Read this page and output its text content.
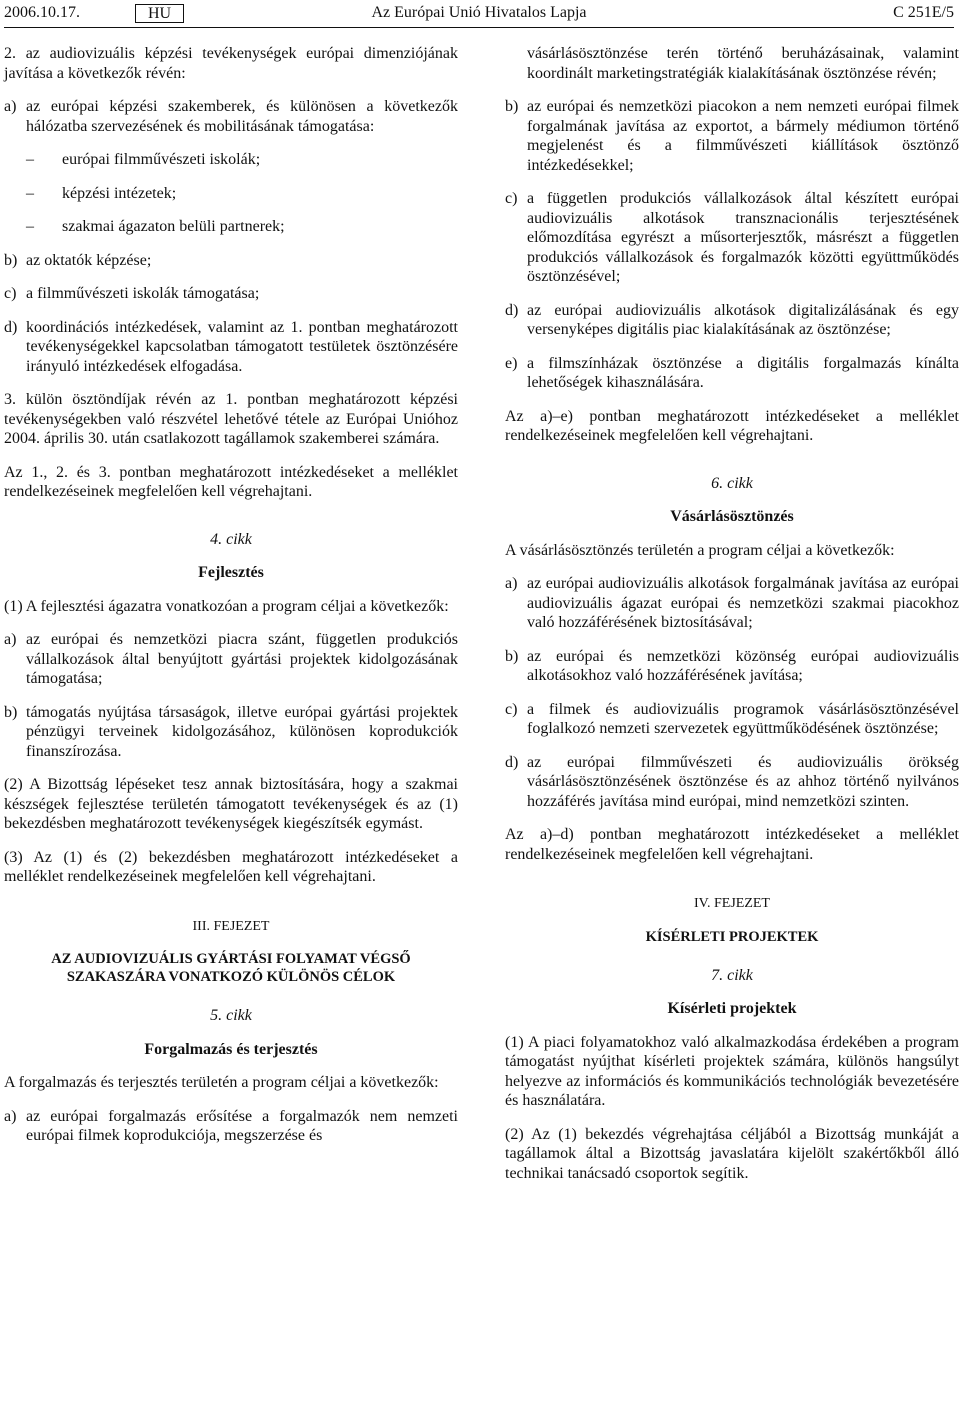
2006.10.17.	HU	Az Európai Unió Hivatalos Lapja	C 251E/5

2. az audiovizuális képzési tevékenységek európai dimenziójának javítása a következők révén:

a) az európai képzési szakemberek, és különösen a következők hálózatba szervezésének és mobilitásának támogatása:

– európai filmművészeti iskolák;

– képzési intézetek;

– szakmai ágazaton belüli partnerek;

b) az oktatók képzése;

c) a filmművészeti iskolák támogatása;

d) koordinációs intézkedések, valamint az 1. pontban meghatározott tevékenységekkel kapcsolatban támogatott testületek ösztönzésére irányuló intézkedések elfogadása.

3. külön ösztöndíjak révén az 1. pontban meghatározott képzési tevékenységekben való részvétel lehetővé tétele az Európai Unióhoz 2004. április 30. után csatlakozott tagállamok szakemberei számára.

Az 1., 2. és 3. pontban meghatározott intézkedéseket a melléklet rendelkezéseinek megfelelően kell végrehajtani.

4. cikk

Fejlesztés

(1) A fejlesztési ágazatra vonatkozóan a program céljai a következők:

a) az európai és nemzetközi piacra szánt, független produkciós vállalkozások által benyújtott gyártási projektek kidolgozásának támogatása;

b) támogatás nyújtása társaságok, illetve európai gyártási projektek pénzügyi terveinek kidolgozásához, különösen koprodukciók finanszírozása.

(2) A Bizottság lépéseket tesz annak biztosítására, hogy a szakmai készségek fejlesztése területén támogatott tevékenységek és az (1) bekezdésben meghatározott tevékenységek kiegészítsék egymást.

(3) Az (1) és (2) bekezdésben meghatározott intézkedéseket a melléklet rendelkezéseinek megfelelően kell végrehajtani.

III. FEJEZET

AZ AUDIOVIZUÁLIS GYÁRTÁSI FOLYAMAT VÉGSŐ SZAKASZÁRA VONATKOZÓ KÜLÖNÖS CÉLOK

5. cikk

Forgalmazás és terjesztés

A forgalmazás és terjesztés területén a program céljai a következők:

a) az európai forgalmazás erősítése a forgalmazók nem nemzeti európai filmek koprodukciója, megszerzése és

vásárlásösztönzése terén történő beruházásainak, valamint koordinált marketingstratégiák kialakításának ösztönzése révén;

b) az európai és nemzetközi piacokon a nem nemzeti európai filmek forgalmának javítása az exportot, a bármely médiumon történő megjelenést és a filmművészeti kiállítások ösztönző intézkedésekkel;

c) a független produkciós vállalkozások által készített európai audiovizuális alkotások transznacionális terjesztésének előmozdítása egyrészt a műsorterjesztők, másrészt a független produkciós vállalkozások és forgalmazók közötti együttműködés ösztönzésével;

d) az európai audiovizuális alkotások digitalizálásának és egy versenyképes digitális piac kialakításának az ösztönzése;

e) a filmszínházak ösztönzése a digitális forgalmazás kínálta lehetőségek kihasználására.

Az a)–e) pontban meghatározott intézkedéseket a melléklet rendelkezéseinek megfelelően kell végrehajtani.

6. cikk

Vásárlásösztönzés

A vásárlásösztönzés területén a program céljai a következők:

a) az európai audiovizuális alkotások forgalmának javítása az európai audiovizuális ágazat európai és nemzetközi szakmai piacokhoz való hozzáférésének biztosításával;

b) az európai és nemzetközi közönség európai audiovizuális alkotásokhoz való hozzáférésének javítása;

c) a filmek és audiovizuális programok vásárlásösztönzésével foglalkozó nemzeti szervezetek együttműködésének ösztönzése;

d) az európai filmművészeti és audiovizuális örökség vásárlásösztönzésének ösztönzése és az ahhoz történő nyilvános hozzáférés javítása mind európai, mind nemzetközi szinten.

Az a)–d) pontban meghatározott intézkedéseket a melléklet rendelkezéseinek megfelelően kell végrehajtani.

IV. FEJEZET

KÍSÉRLETI PROJEKTEK

7. cikk

Kísérleti projektek

(1) A piaci folyamatokhoz való alkalmazkodása érdekében a program támogatást nyújthat kísérleti projektek számára, különös hangsúlyt helyezve az információs és kommunikációs technológiák bevezetésére és használatára.

(2) Az (1) bekezdés végrehajtása céljából a Bizottság munkáját a tagállamok által a Bizottság javaslatára kijelölt szakértőkből álló technikai tanácsadó csoportok segítik.
